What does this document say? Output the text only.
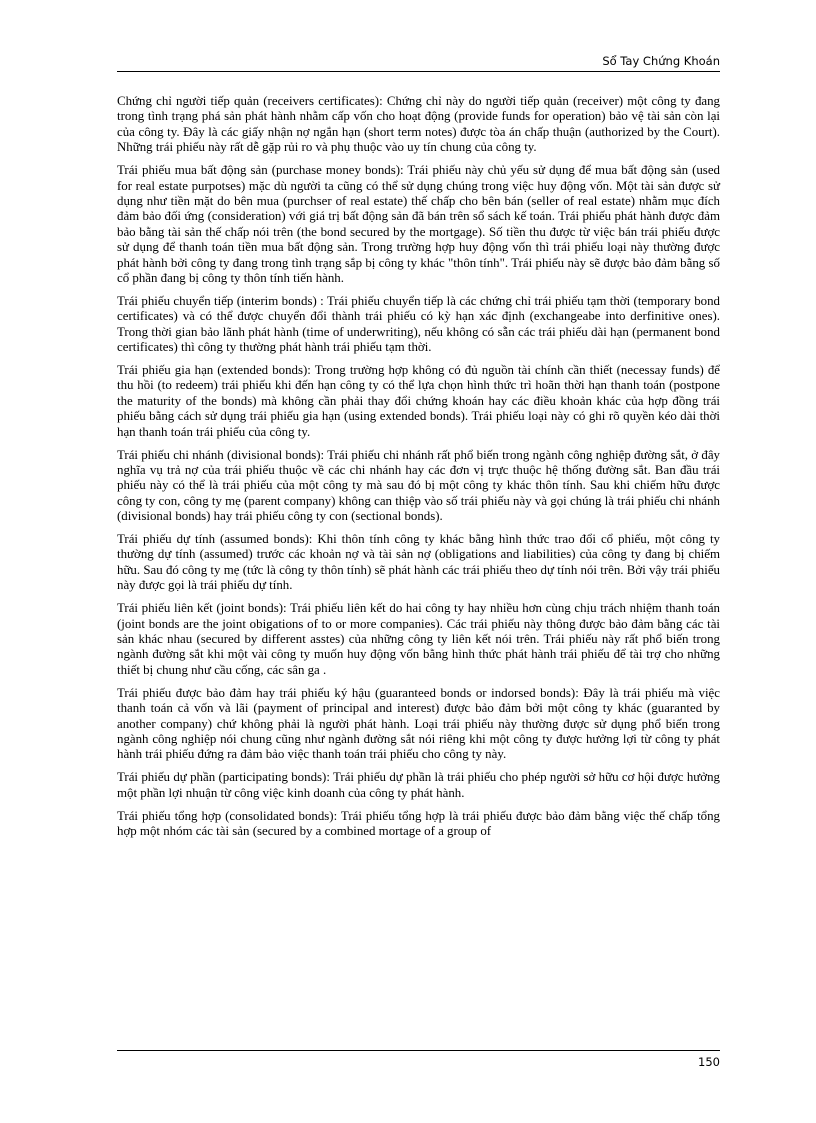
Sổ Tay Chứng Khoán

Chứng chỉ người tiếp quản (receivers certificates): Chứng chỉ này do người tiếp quản (receiver) một công ty đang trong tình trạng phá sản phát hành nhằm cấp vốn cho hoạt động (provide funds for operation) bảo vệ tài sản còn lại của công ty. Đây là các giấy nhận nợ ngắn hạn (short term notes) được tòa án chấp thuận (authorized by the Court). Những trái phiếu này rất dễ gặp rủi ro và phụ thuộc vào uy tín chung của công ty.

Trái phiếu mua bất động sản (purchase money bonds): Trái phiếu này chủ yếu sử dụng để mua bất động sản (used for real estate purpotses) mặc dù người ta cũng có thể sử dụng chúng trong việc huy động vốn. Một tài sản được sử dụng như tiền mặt do bên mua (purchser of real estate) thế chấp cho bên bán (seller of real estate) nhằm mục đích đảm bảo đối ứng (consideration) với giá trị bất động sản đã bán trên sổ sách kế toán. Trái phiếu phát hành được đảm bảo bằng tài sản thế chấp nói trên (the bond secured by the mortgage). Số tiền thu được từ việc bán trái phiếu được sử dụng để thanh toán tiền mua bất động sản. Trong trường hợp huy động vốn thì trái phiếu loại này thường được phát hành bởi công ty đang trong tình trạng sắp bị công ty khác "thôn tính". Trái phiếu này sẽ được bảo đảm bằng số cổ phần đang bị công ty thôn tính tiến hành.

Trái phiếu chuyển tiếp (interim bonds) : Trái phiếu chuyển tiếp là các chứng chỉ trái phiếu tạm thời (temporary bond certificates) và có thể được chuyển đổi thành trái phiếu có kỳ hạn xác định (exchangeabe into derfinitive ones). Trong thời gian bảo lãnh phát hành (time of underwriting), nếu không có sẵn các trái phiếu dài hạn (permanent bond certificates) thì công ty thường phát hành trái phiếu tạm thời.

Trái phiếu gia hạn (extended bonds): Trong trường hợp không có đủ nguồn tài chính cần thiết (necessay funds) để thu hồi (to redeem) trái phiếu khi đến hạn công ty có thể lựa chọn hình thức trì hoãn thời hạn thanh toán (postpone the maturity of the bonds) mà không cần phải thay đổi chứng khoán hay các điều khoản khác của hợp đồng trái phiếu bằng cách sử dụng trái phiếu gia hạn (using extended bonds). Trái phiếu loại này có ghi rõ quyền kéo dài thời hạn thanh toán trái phiếu của công ty.

Trái phiếu chi nhánh (divisional bonds): Trái phiếu chi nhánh rất phổ biến trong ngành công nghiệp đường sắt, ở đây nghĩa vụ trả nợ của trái phiếu thuộc về các chi nhánh hay các đơn vị trực thuộc hệ thống đường sắt. Ban đầu trái phiếu này có thể là trái phiếu của một công ty mà sau đó bị một công ty khác thôn tính. Sau khi chiếm hữu được công ty con, công ty mẹ (parent company) không can thiệp vào số trái phiếu này và gọi chúng là trái phiếu chi nhánh (divisional bonds) hay trái phiếu công ty con (sectional bonds).

Trái phiếu dự tính (assumed bonds): Khi thôn tính công ty khác bằng hình thức trao đổi cổ phiếu, một công ty thường dự tính (assumed) trước các khoản nợ và tài sản nợ (obligations and liabilities) của công ty đang bị chiếm hữu. Sau đó công ty mẹ (tức là công ty thôn tính) sẽ phát hành các trái phiếu theo dự tính nói trên. Bởi vậy trái phiếu này được gọi là trái phiếu dự tính.

Trái phiếu liên kết (joint bonds): Trái phiếu liên kết do hai công ty hay nhiều hơn cùng chịu trách nhiệm thanh toán (joint bonds are the joint obigations of to or more companies). Các trái phiếu này thông được bảo đảm bằng các tài sản khác nhau (secured by different asstes) của những công ty liên kết nói trên. Trái phiếu này rất phổ biến trong ngành đường sắt khi một vài công ty muốn huy động vốn bằng hình thức phát hành trái phiếu để tài trợ cho những thiết bị chung như cầu cống, các sân ga .

Trái phiếu được bảo đảm hay trái phiếu ký hậu (guaranteed bonds or indorsed bonds): Đây là trái phiếu mà việc thanh toán cả vốn và lãi (payment of principal and interest) được bảo đảm bởi một công ty khác (guaranted by another company) chứ không phải là người phát hành. Loại trái phiếu này thường được sử dụng phổ biến trong ngành công nghiệp nói chung cũng như ngành đường sắt nói riêng khi một công ty được hưởng lợi từ công ty phát hành trái phiếu đứng ra đảm bảo việc thanh toán trái phiếu cho công ty này.

Trái phiếu dự phần (participating bonds): Trái phiếu dự phần là trái phiếu cho phép người sở hữu cơ hội được hưởng một phần lợi nhuận từ công việc kinh doanh của công ty phát hành.

Trái phiếu tổng hợp (consolidated bonds): Trái phiếu tổng hợp là trái phiếu được bảo đảm bằng việc thế chấp tổng hợp một nhóm các tài sản (secured by a combined mortage of a group of

150
